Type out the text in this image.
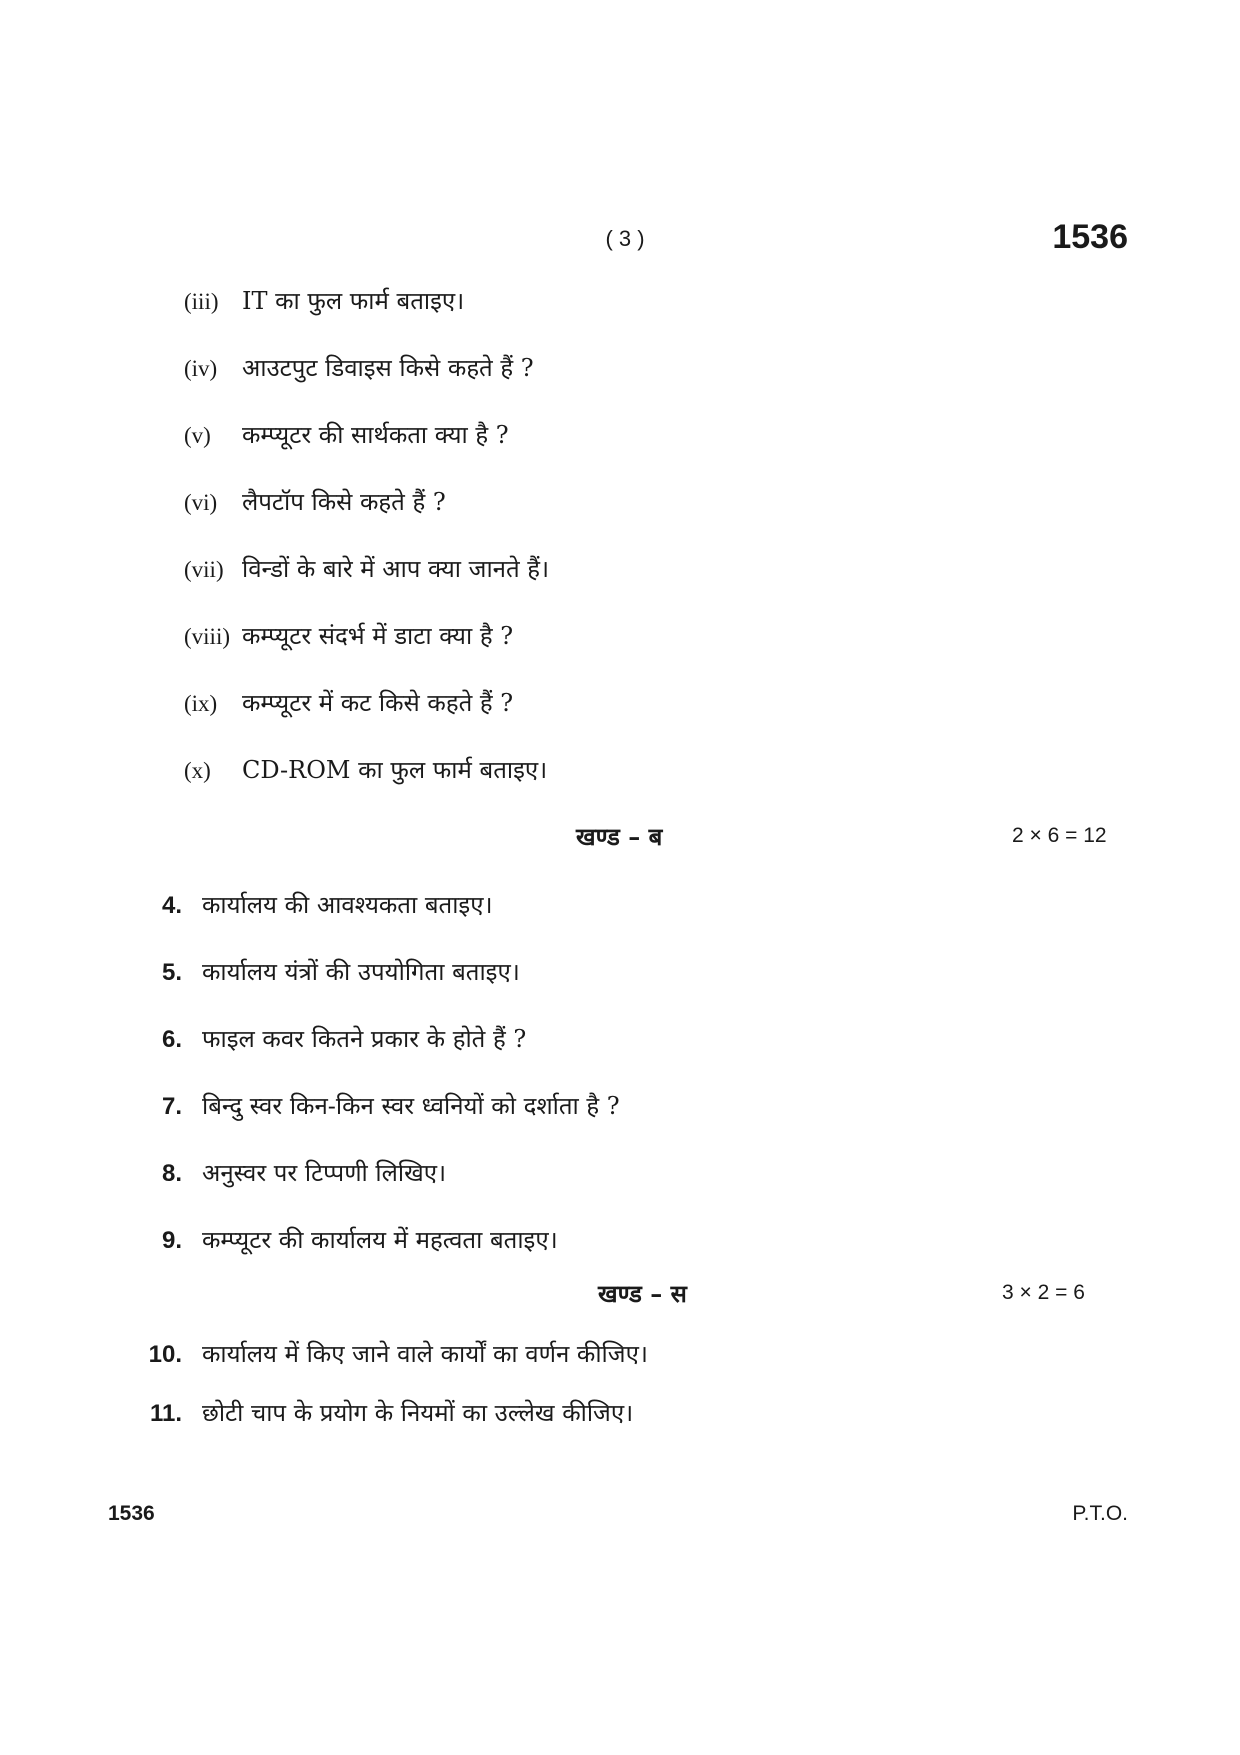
( 3 )	1536
(iii) IT का फुल फार्म बताइए।
(iv)	आउटपुट डिवाइस किसे कहते हैं ?
(v)	कम्प्यूटर की सार्थकता क्या है ?
(vi)	लैपटॉप किसे कहते हैं ?
(vii) विन्डों के बारे में आप क्या जानते हैं।
(viii) कम्प्यूटर संदर्भ में डाटा क्या है ?
(ix)	कम्प्यूटर में कट किसे कहते हैं ?
(x)	CD-ROM का फुल फार्म बताइए।
खण्ड – ब	2 × 6 = 12
4. कार्यालय की आवश्यकता बताइए।
5. कार्यालय यंत्रों की उपयोगिता बताइए।
6. फाइल कवर कितने प्रकार के होते हैं ?
7. बिन्दु स्वर किन-किन स्वर ध्वनियों को दर्शाता है ?
8. अनुस्वर पर टिप्पणी लिखिए।
9. कम्प्यूटर की कार्यालय में महत्वता बताइए।
खण्ड – स	3 × 2 = 6
10. कार्यालय में किए जाने वाले कार्यों का वर्णन कीजिए।
11. छोटी चाप के प्रयोग के नियमों का उल्लेख कीजिए।
1536	P.T.O.
